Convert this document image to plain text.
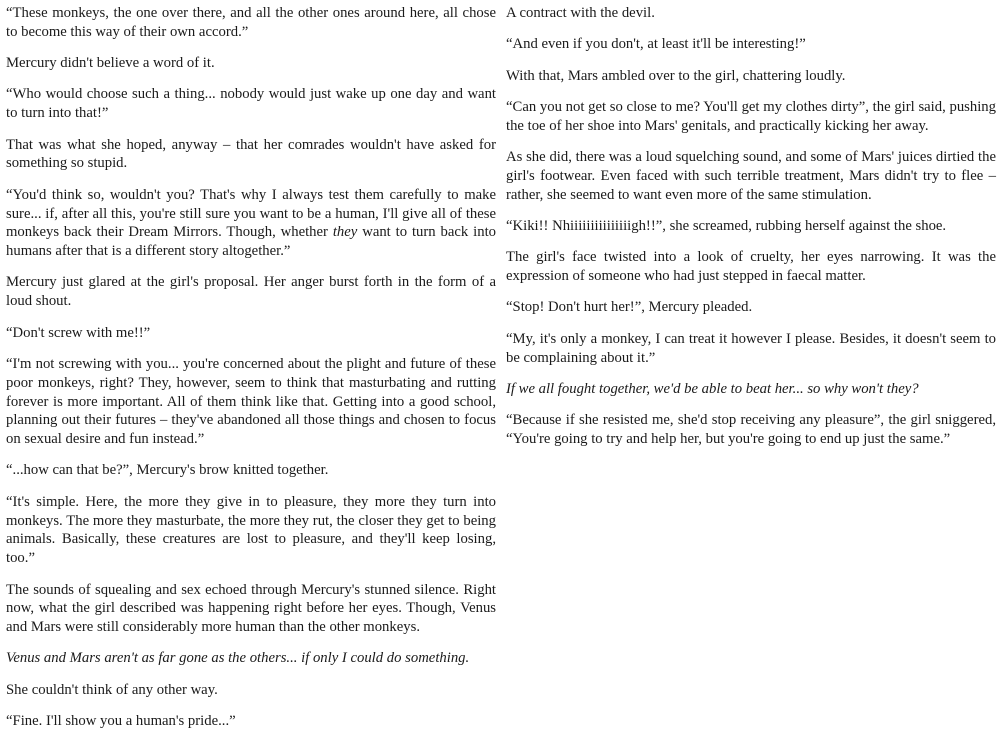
“These monkeys, the one over there, and all the other ones around here, all chose to become this way of their own accord.”

Mercury didn't believe a word of it.

“Who would choose such a thing... nobody would just wake up one day and want to turn into that!”

That was what she hoped, anyway – that her comrades wouldn't have asked for something so stupid.

“You'd think so, wouldn't you? That's why I always test them carefully to make sure... if, after all this, you're still sure you want to be a human, I'll give all of these monkeys back their Dream Mirrors. Though, whether they want to turn back into humans after that is a different story altogether.”

Mercury just glared at the girl's proposal. Her anger burst forth in the form of a loud shout.

“Don't screw with me!!”

“I'm not screwing with you... you're concerned about the plight and future of these poor monkeys, right? They, however, seem to think that masturbating and rutting forever is more important. All of them think like that. Getting into a good school, planning out their futures – they've abandoned all those things and chosen to focus on sexual desire and fun instead.”

“...how can that be?”, Mercury's brow knitted together.

“It's simple. Here, the more they give in to pleasure, they more they turn into monkeys. The more they masturbate, the more they rut, the closer they get to being animals. Basically, these creatures are lost to pleasure, and they'll keep losing, too.”

The sounds of squealing and sex echoed through Mercury's stunned silence. Right now, what the girl described was happening right before her eyes. Though, Venus and Mars were still considerably more human than the other monkeys.

Venus and Mars aren't as far gone as the others... if only I could do something.

She couldn't think of any other way.

“Fine. I'll show you a human's pride...”

A contract with the devil.

“And even if you don't, at least it'll be interesting!”

With that, Mars ambled over to the girl, chattering loudly.

“Can you not get so close to me? You'll get my clothes dirty”, the girl said, pushing the toe of her shoe into Mars' genitals, and practically kicking her away.

As she did, there was a loud squelching sound, and some of Mars' juices dirtied the girl's footwear. Even faced with such terrible treatment, Mars didn't try to flee – rather, she seemed to want even more of the same stimulation.

“Kiki!! Nhiiiiiiiiiiiiiiigh!!”, she screamed, rubbing herself against the shoe.

The girl's face twisted into a look of cruelty, her eyes narrowing. It was the expression of someone who had just stepped in faecal matter.

“Stop! Don't hurt her!”, Mercury pleaded.

“My, it's only a monkey, I can treat it however I please. Besides, it doesn't seem to be complaining about it.”

If we all fought together, we'd be able to beat her... so why won't they?

“Because if she resisted me, she'd stop receiving any pleasure”, the girl sniggered, “You're going to try and help her, but you're going to end up just the same.”
